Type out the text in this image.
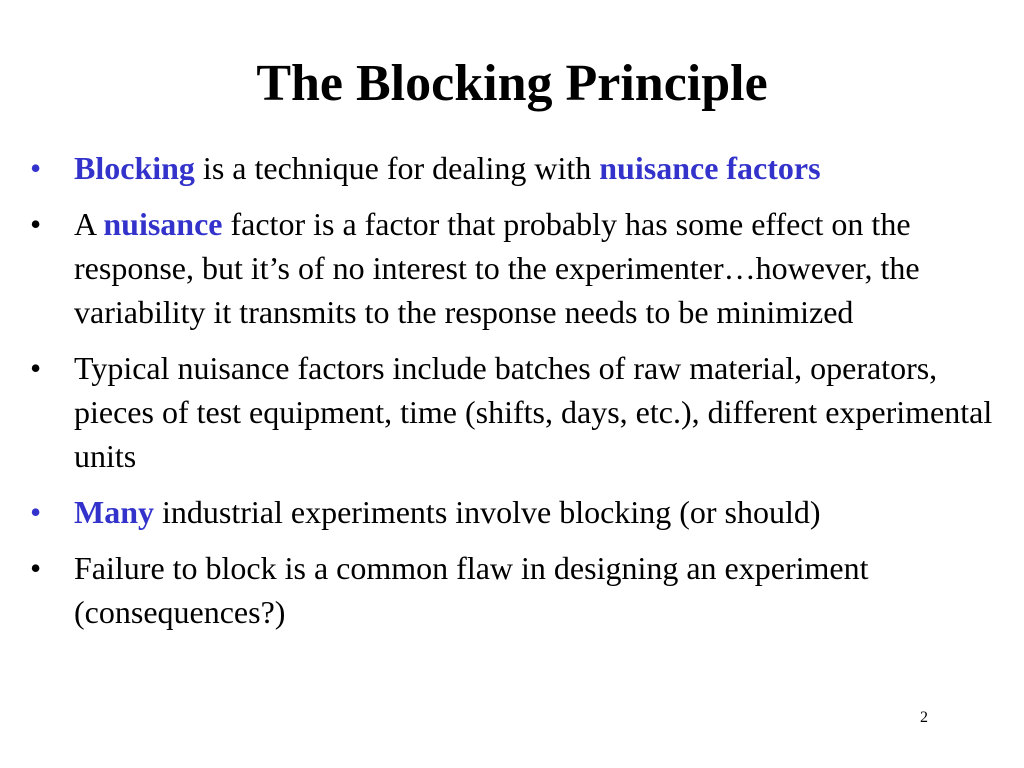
The Blocking Principle
•	Blocking is a technique for dealing with nuisance factors
•	A nuisance factor is a factor that probably has some effect on the response, but it’s of no interest to the experimenter…however, the variability it transmits to the response needs to be minimized
•	Typical nuisance factors include batches of raw material, operators, pieces of test equipment, time (shifts, days, etc.), different experimental units
•	Many industrial experiments involve blocking (or should)
•	Failure to block is a common flaw in designing an experiment (consequences?)
2
